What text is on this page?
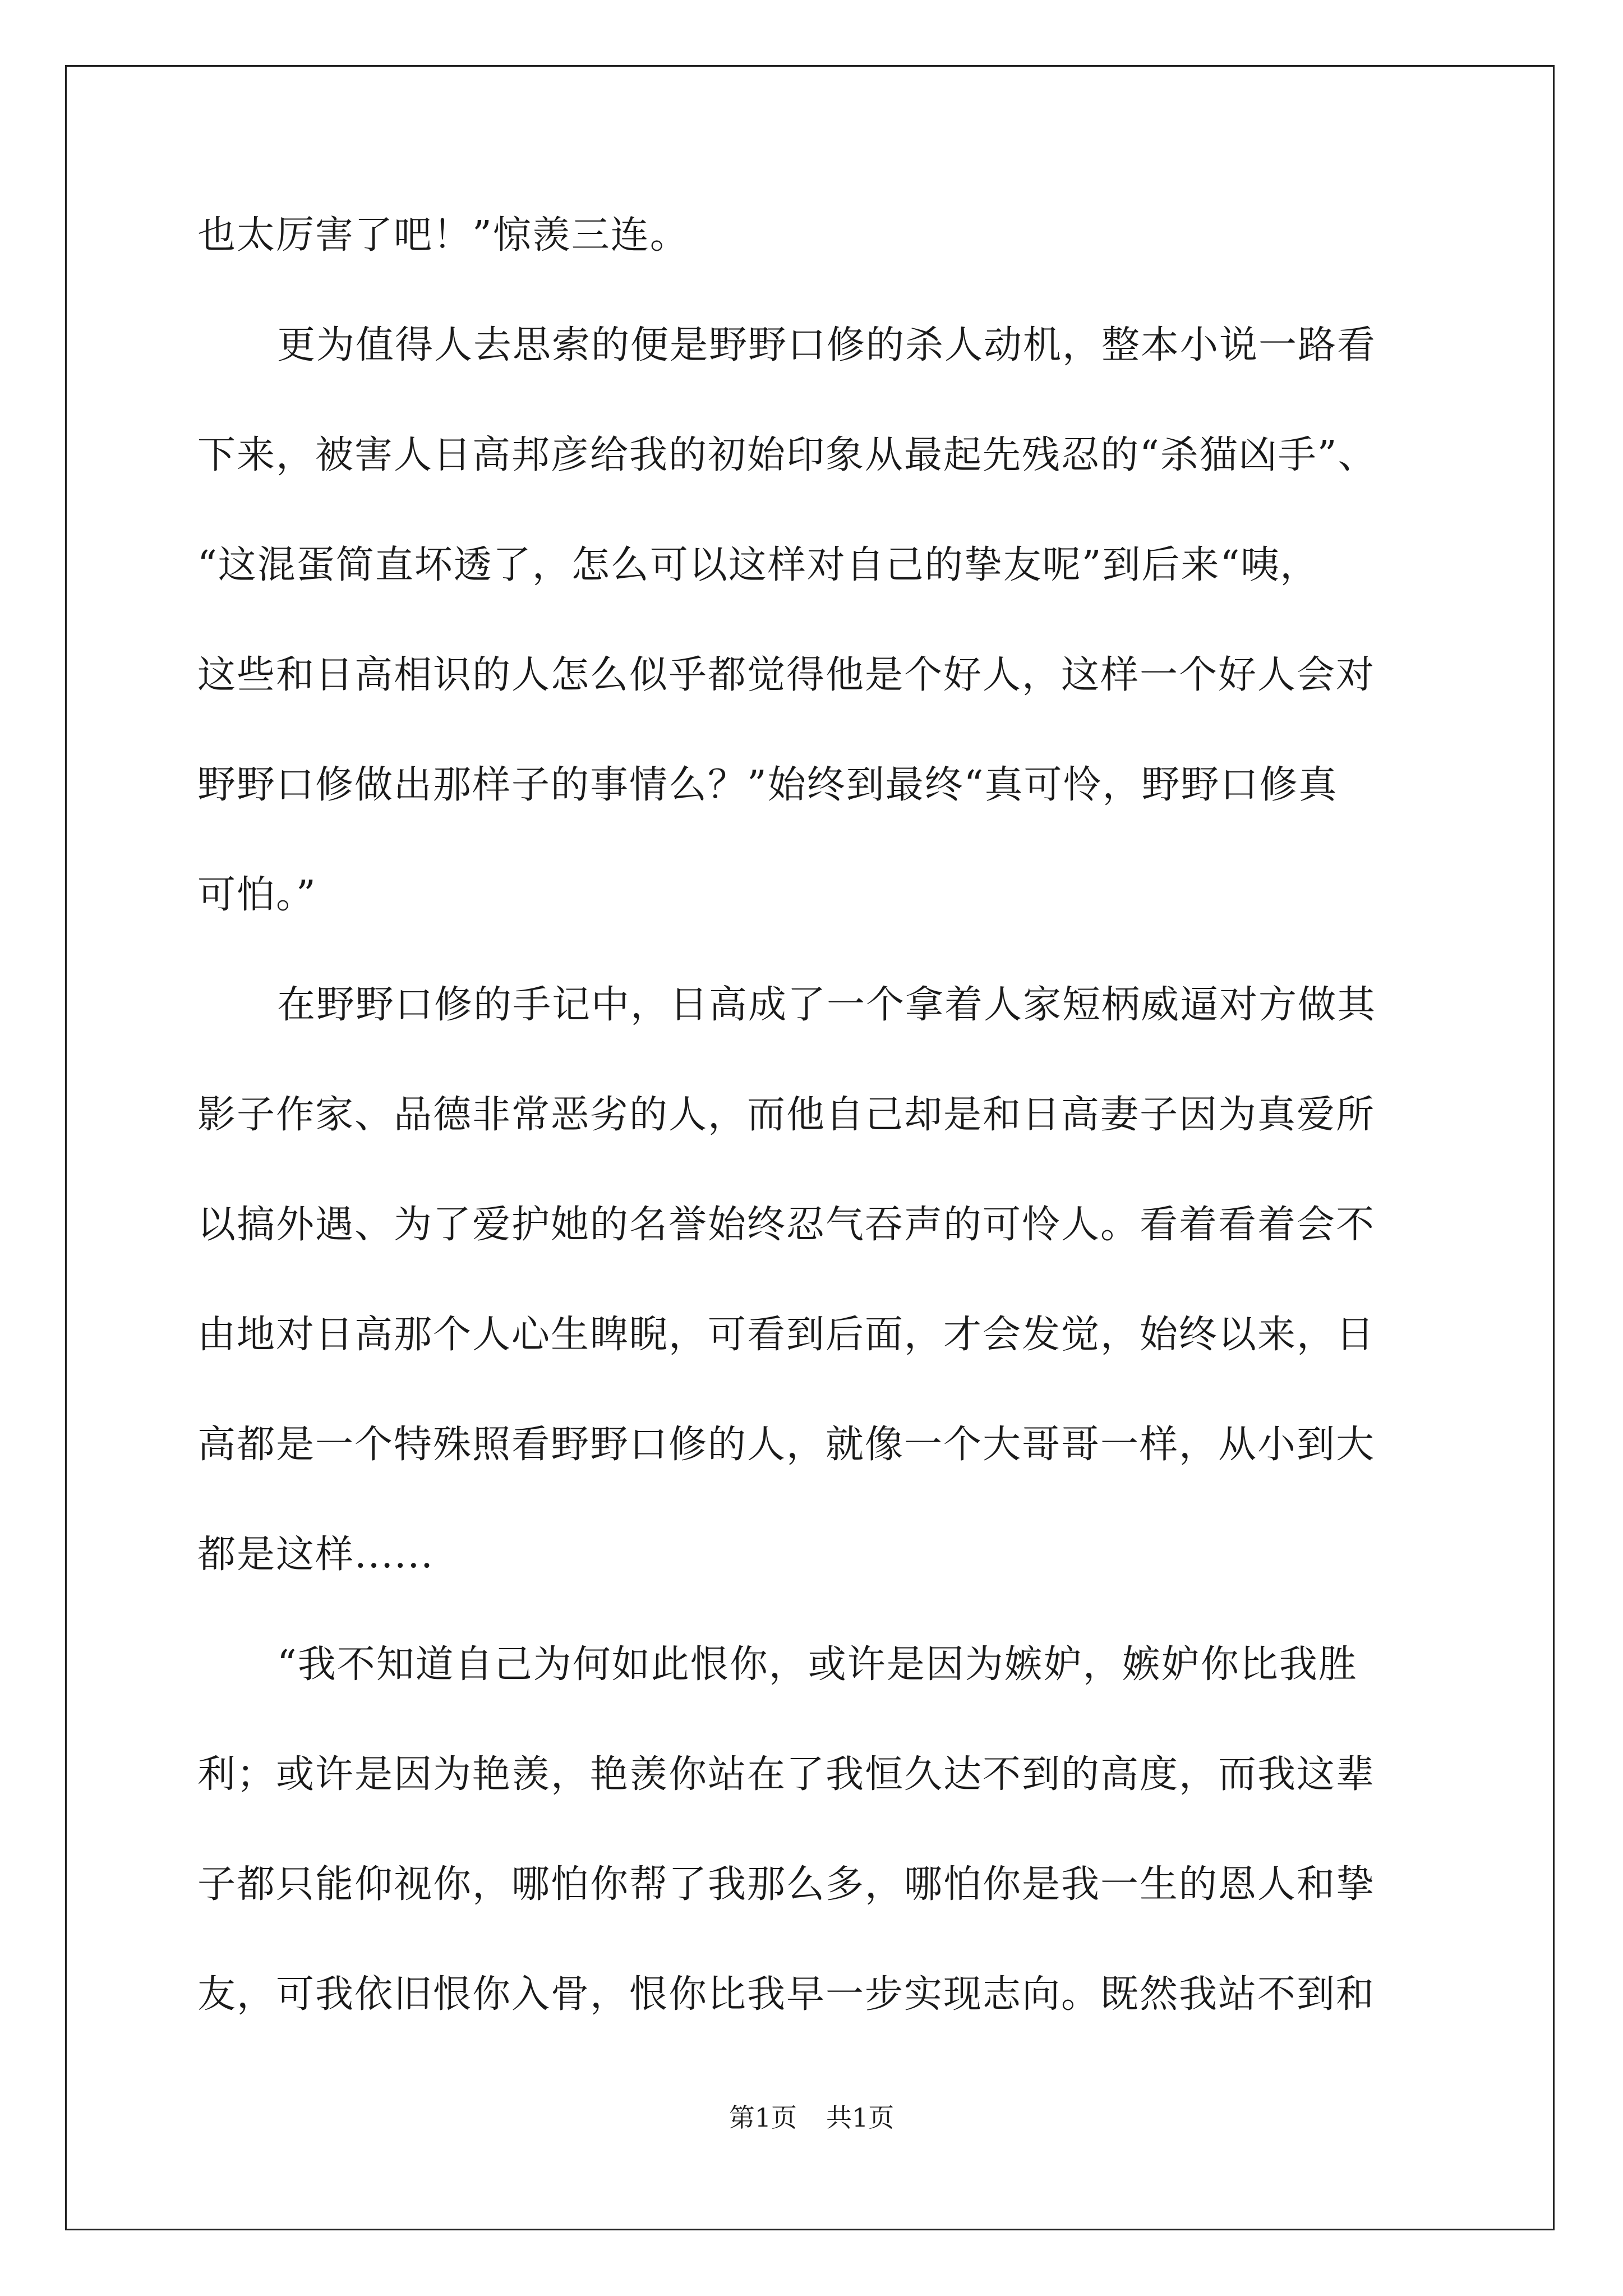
也太厉害了吧！”惊羡三连。
更为值得人去思索的便是野野口修的杀人动机，整本小说一路看
下来，被害人日高邦彦给我的初始印象从最起先残忍的“杀猫凶手”、
“这混蛋简直坏透了，怎么可以这样对自己的挚友呢”到后来“咦，
这些和日高相识的人怎么似乎都觉得他是个好人，这样一个好人会对
野野口修做出那样子的事情么？”始终到最终“真可怜，野野口修真
可怕。”
在野野口修的手记中，日高成了一个拿着人家短柄威逼对方做其
影子作家、品德非常恶劣的人，而他自己却是和日高妻子因为真爱所
以搞外遇、为了爱护她的名誉始终忍气吞声的可怜人。看着看着会不
由地对日高那个人心生睥睨，可看到后面，才会发觉，始终以来，日
高都是一个特殊照看野野口修的人，就像一个大哥哥一样，从小到大
都是这样......
“我不知道自己为何如此恨你，或许是因为嫉妒，嫉妒你比我胜
利；或许是因为艳羡，艳羡你站在了我恒久达不到的高度，而我这辈
子都只能仰视你，哪怕你帮了我那么多，哪怕你是我一生的恩人和挚
友，可我依旧恨你入骨，恨你比我早一步实现志向。既然我站不到和
第1页 共1页
